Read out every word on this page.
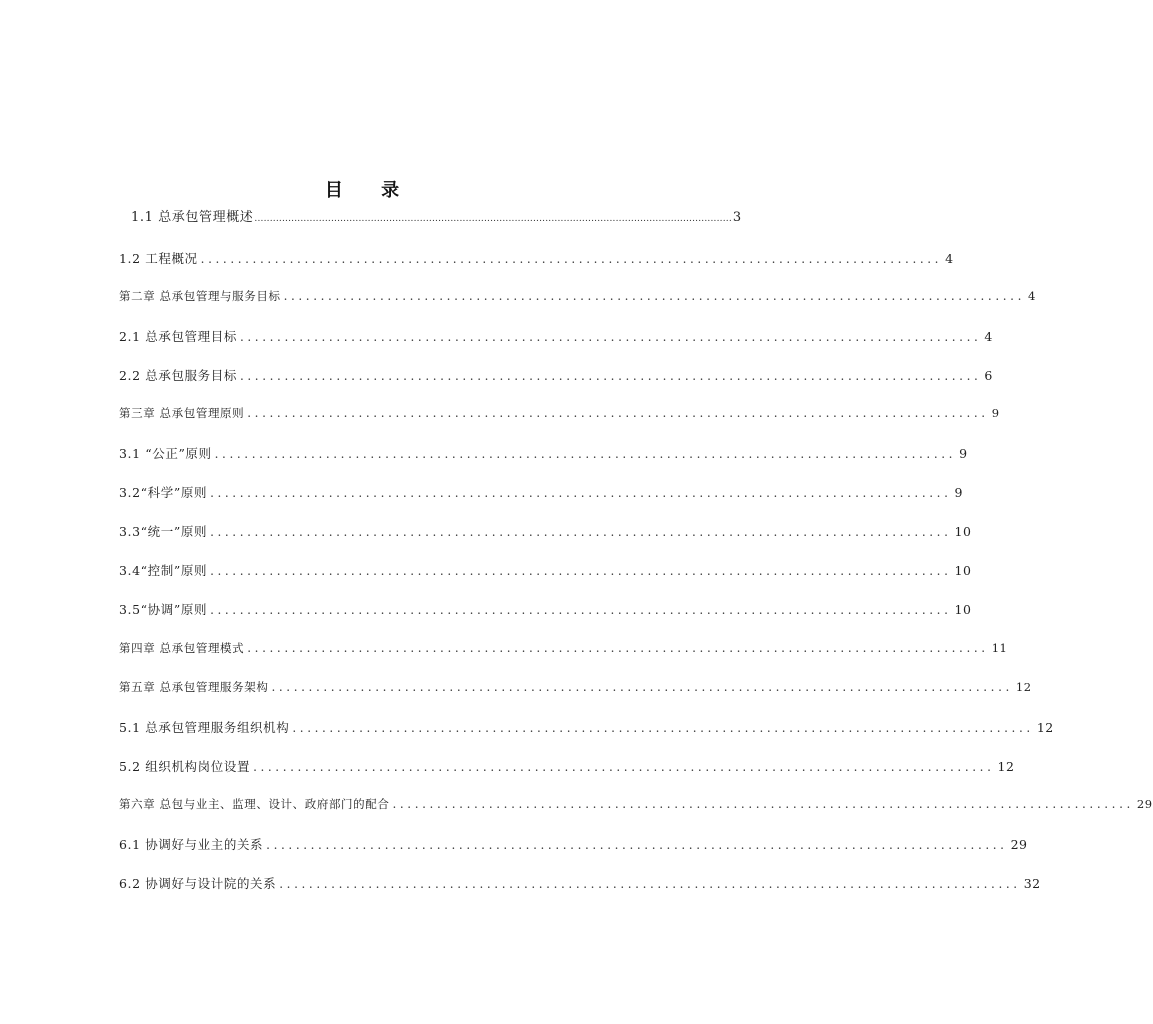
目 录
1.1 总承包管理概述 ............................................................................................................................................................ 3
1.2 工程概况 .................................................................................................... 4
第二章 总承包管理与服务目标 .................................................................................................... 4
2.1 总承包管理目标 .................................................................................................... 4
2.2 总承包服务目标 .................................................................................................... 6
第三章 总承包管理原则 .................................................................................................... 9
3.1 “公正”原则 .................................................................................................... 9
3.2“科学”原则 .................................................................................................... 9
3.3“统一”原则 .................................................................................................... 10
3.4“控制”原则 .................................................................................................... 10
3.5“协调”原则 .................................................................................................... 10
第四章 总承包管理模式 .................................................................................................... 11
第五章 总承包管理服务架构 .................................................................................................... 12
5.1 总承包管理服务组织机构 .................................................................................................... 12
5.2 组织机构岗位设置 .................................................................................................... 12
第六章 总包与业主、监理、设计、政府部门的配合 .................................................................................................... 29
6.1 协调好与业主的关系 .................................................................................................... 29
6.2 协调好与设计院的关系 .................................................................................................... 32
